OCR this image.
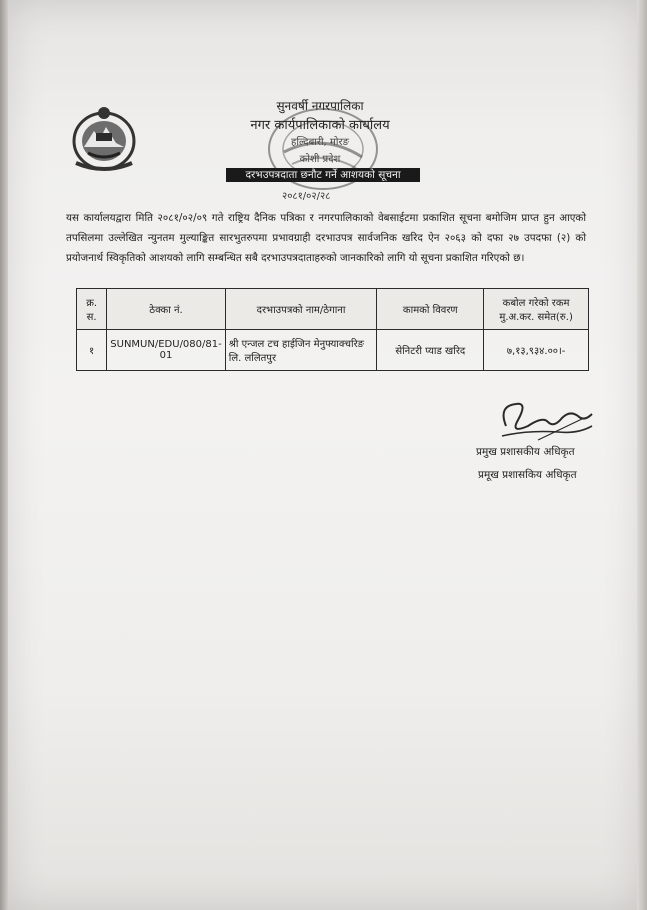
सुनवर्षी नगरपालिका
नगर कार्यपालिकाको कार्यालय
हल्दिबारी, मोरङ
कोशी प्रदेश
दरभउपत्रदाता छनौट गर्ने आशयको सूचना
२०८१/०२/२८
यस कार्यालयद्वारा मिति २०८१/०२/०९ गते राष्ट्रिय दैनिक पत्रिका र नगरपालिकाको वेबसाईटमा प्रकाशित सूचना बमोजिम प्राप्त हुन आएको तपसिलमा उल्लेखित न्युनतम मुल्याङ्कित सारभुतरुपमा प्रभावग्राही दरभाउपत्र सार्वजनिक खरिद ऐन २०६३ को दफा २७ उपदफा (२) को प्रयोजनार्थ स्विकृतिको आशयको लागि सम्बन्धित सबै दरभाउपत्रदाताहरुको जानकारिको लागि यो सूचना प्रकाशित गरिएको छ।
क्र. स.	ठेक्का नं.	दरभाउपत्रको नाम/ठेगाना	कामको विवरण	कबोल गरेको रकम मु.अ.कर. समेत(रु.)
१	SUNMUN/EDU/080/81-01	श्री एन्जल टच हाईजिन मेनुफ्याक्चरिङ लि. ललितपुर	सेनिटरी प्याड खरिद	७,१३,९३४.००।-
प्रमुख प्रशासकीय अधिकृत
प्रमूख प्रशासकिय अधिकृत
